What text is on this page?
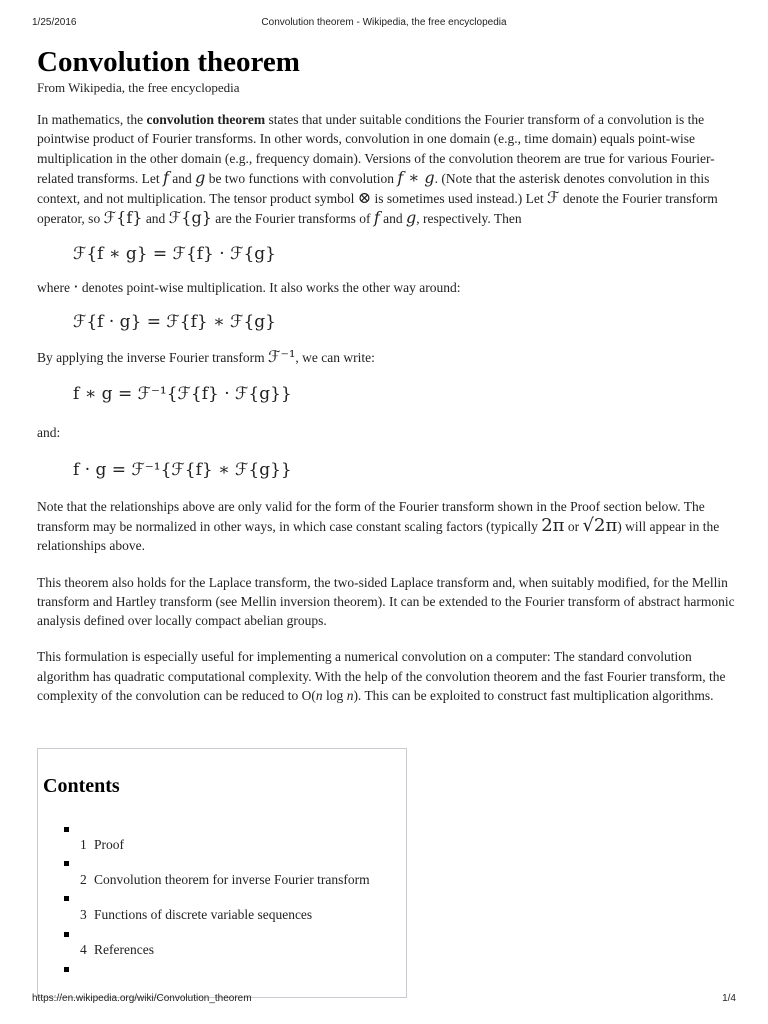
1/25/2016	Convolution theorem - Wikipedia, the free encyclopedia
Convolution theorem
From Wikipedia, the free encyclopedia

In mathematics, the convolution theorem states that under suitable conditions the Fourier transform of a convolution is the pointwise product of Fourier transforms. In other words, convolution in one domain (e.g., time domain) equals point-wise multiplication in the other domain (e.g., frequency domain). Versions of the convolution theorem are true for various Fourier-related transforms. Let f and g be two functions with convolution f ∗ g. (Note that the asterisk denotes convolution in this context, and not multiplication. The tensor product symbol ⊗ is sometimes used instead.) Let ℱ denote the Fourier transform operator, so ℱ{f} and ℱ{g} are the Fourier transforms of f and g, respectively. Then

ℱ{f ∗ g} = ℱ{f} · ℱ{g}

where · denotes point-wise multiplication. It also works the other way around:

ℱ{f · g} = ℱ{f} ∗ ℱ{g}

By applying the inverse Fourier transform ℱ⁻¹, we can write:

f ∗ g = ℱ⁻¹{ℱ{f} · ℱ{g}}

and:

f · g = ℱ⁻¹{ℱ{f} ∗ ℱ{g}}

Note that the relationships above are only valid for the form of the Fourier transform shown in the Proof section below. The transform may be normalized in other ways, in which case constant scaling factors (typically 2π or √2π) will appear in the relationships above.

This theorem also holds for the Laplace transform, the two-sided Laplace transform and, when suitably modified, for the Mellin transform and Hartley transform (see Mellin inversion theorem). It can be extended to the Fourier transform of abstract harmonic analysis defined over locally compact abelian groups.

This formulation is especially useful for implementing a numerical convolution on a computer: The standard convolution algorithm has quadratic computational complexity. With the help of the convolution theorem and the fast Fourier transform, the complexity of the convolution can be reduced to O(n log n). This can be exploited to construct fast multiplication algorithms.

Contents
1 Proof
2 Convolution theorem for inverse Fourier transform
3 Functions of discrete variable sequences
4 References
https://en.wikipedia.org/wiki/Convolution_theorem	1/4
